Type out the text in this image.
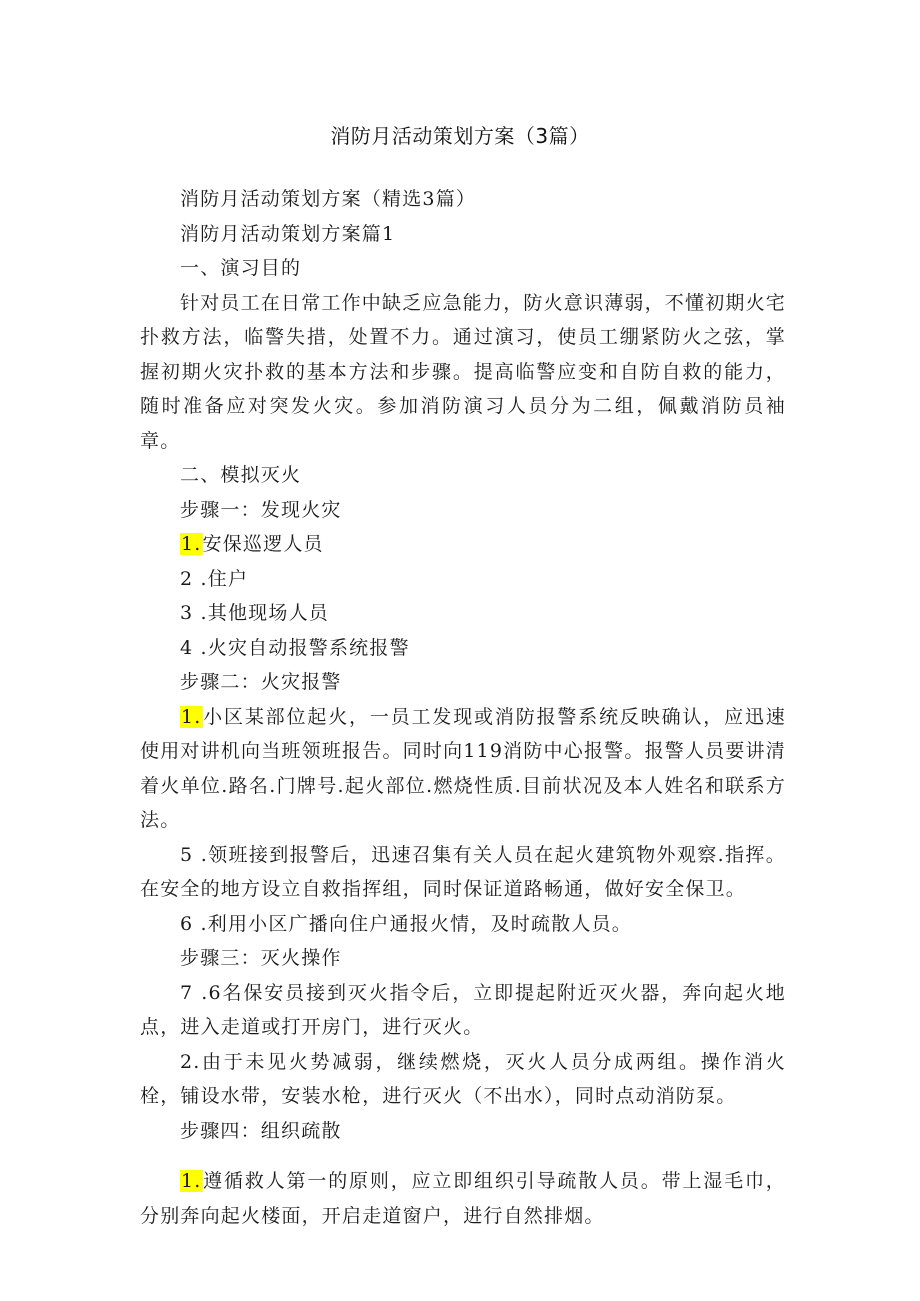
消防月活动策划方案（3篇）

消防月活动策划方案（精选3篇）

消防月活动策划方案篇1

一、演习目的

针对员工在日常工作中缺乏应急能力，防火意识薄弱，不懂初期火宅扑救方法，临警失措，处置不力。通过演习，使员工绷紧防火之弦，掌握初期火灾扑救的基本方法和步骤。提高临警应变和自防自救的能力，随时准备应对突发火灾。参加消防演习人员分为二组，佩戴消防员袖章。

二、模拟灭火

步骤一：发现火灾

1.安保巡逻人员

2 .住户

3 .其他现场人员

4 .火灾自动报警系统报警

步骤二：火灾报警

1.小区某部位起火，一员工发现或消防报警系统反映确认，应迅速使用对讲机向当班领班报告。同时向119消防中心报警。报警人员要讲清着火单位.路名.门牌号.起火部位.燃烧性质.目前状况及本人姓名和联系方法。

5 .领班接到报警后，迅速召集有关人员在起火建筑物外观察.指挥。在安全的地方设立自救指挥组，同时保证道路畅通，做好安全保卫。

6 .利用小区广播向住户通报火情，及时疏散人员。

步骤三：灭火操作

7 .6名保安员接到灭火指令后，立即提起附近灭火器，奔向起火地点，进入走道或打开房门，进行灭火。

2.由于未见火势减弱，继续燃烧，灭火人员分成两组。操作消火栓，铺设水带，安装水枪，进行灭火（不出水），同时点动消防泵。

步骤四：组织疏散

1.遵循救人第一的原则，应立即组织引导疏散人员。带上湿毛巾，分别奔向起火楼面，开启走道窗户，进行自然排烟。
